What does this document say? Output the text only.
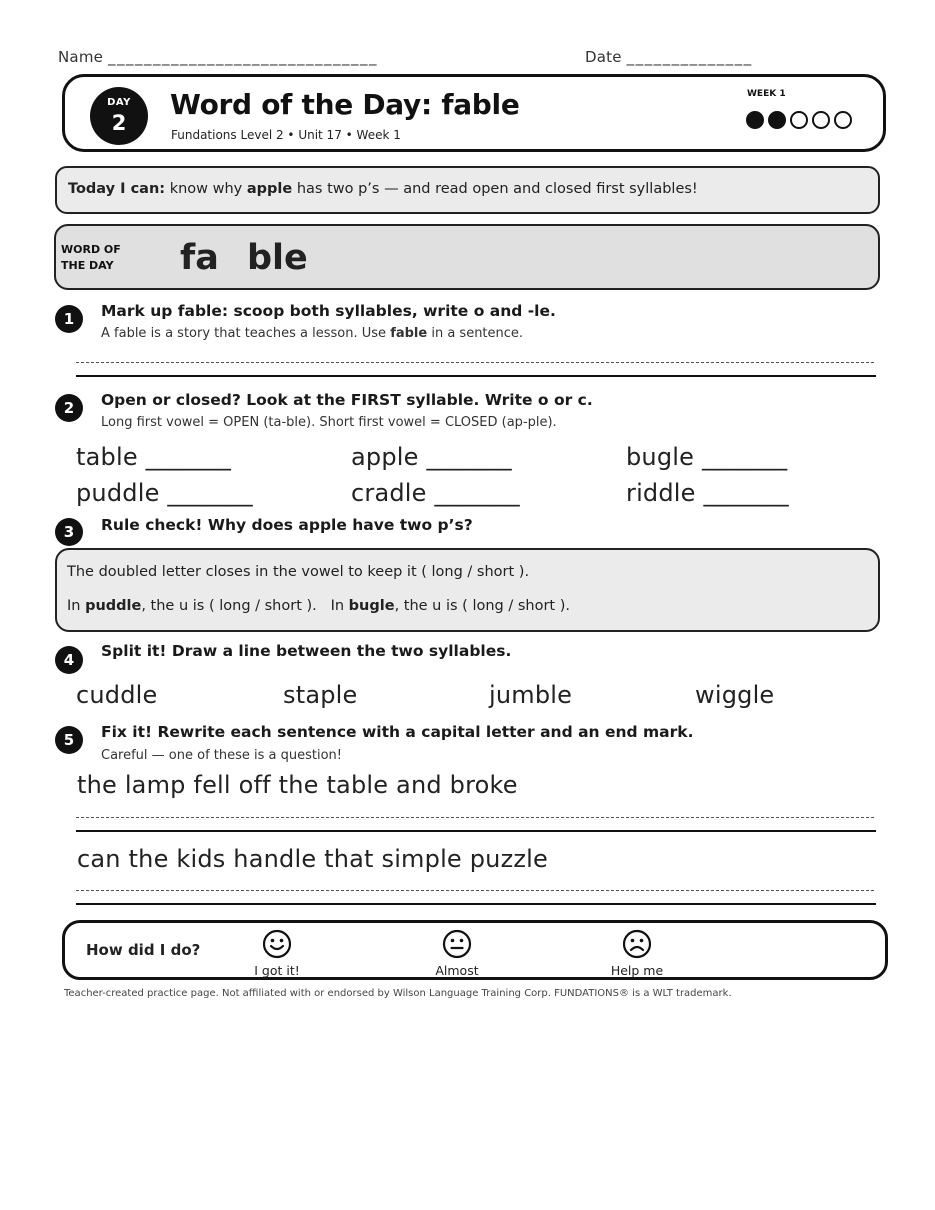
Name ______________________________	Date ______________
DAY
2
Word of the Day: fable
Fundations Level 2 • Unit 17 • Week 1
WEEK 1
Today I can: know why apple has two p’s — and read open and closed first syllables!
WORD OF
THE DAY fa ble
1	Mark up fable: scoop both syllables, write o and -le.
A fable is a story that teaches a lesson. Use fable in a sentence.
2	Open or closed? Look at the FIRST syllable. Write o or c.
Long first vowel = OPEN (ta-ble). Short first vowel = CLOSED (ap-ple).
table _______	apple _______	bugle _______
puddle _______	cradle _______	riddle _______
3	Rule check! Why does apple have two p’s?
The doubled letter closes in the vowel to keep it ( long / short ).
In puddle, the u is ( long / short ). In bugle, the u is ( long / short ).
4	Split it! Draw a line between the two syllables.
cuddle	staple	jumble	wiggle
5	Fix it! Rewrite each sentence with a capital letter and an end mark.
Careful — one of these is a question!
the lamp fell off the table and broke
can the kids handle that simple puzzle
How did I do?
I got it!	Almost	Help me
Teacher-created practice page. Not affiliated with or endorsed by Wilson Language Training Corp. FUNDATIONS® is a WLT trademark.
